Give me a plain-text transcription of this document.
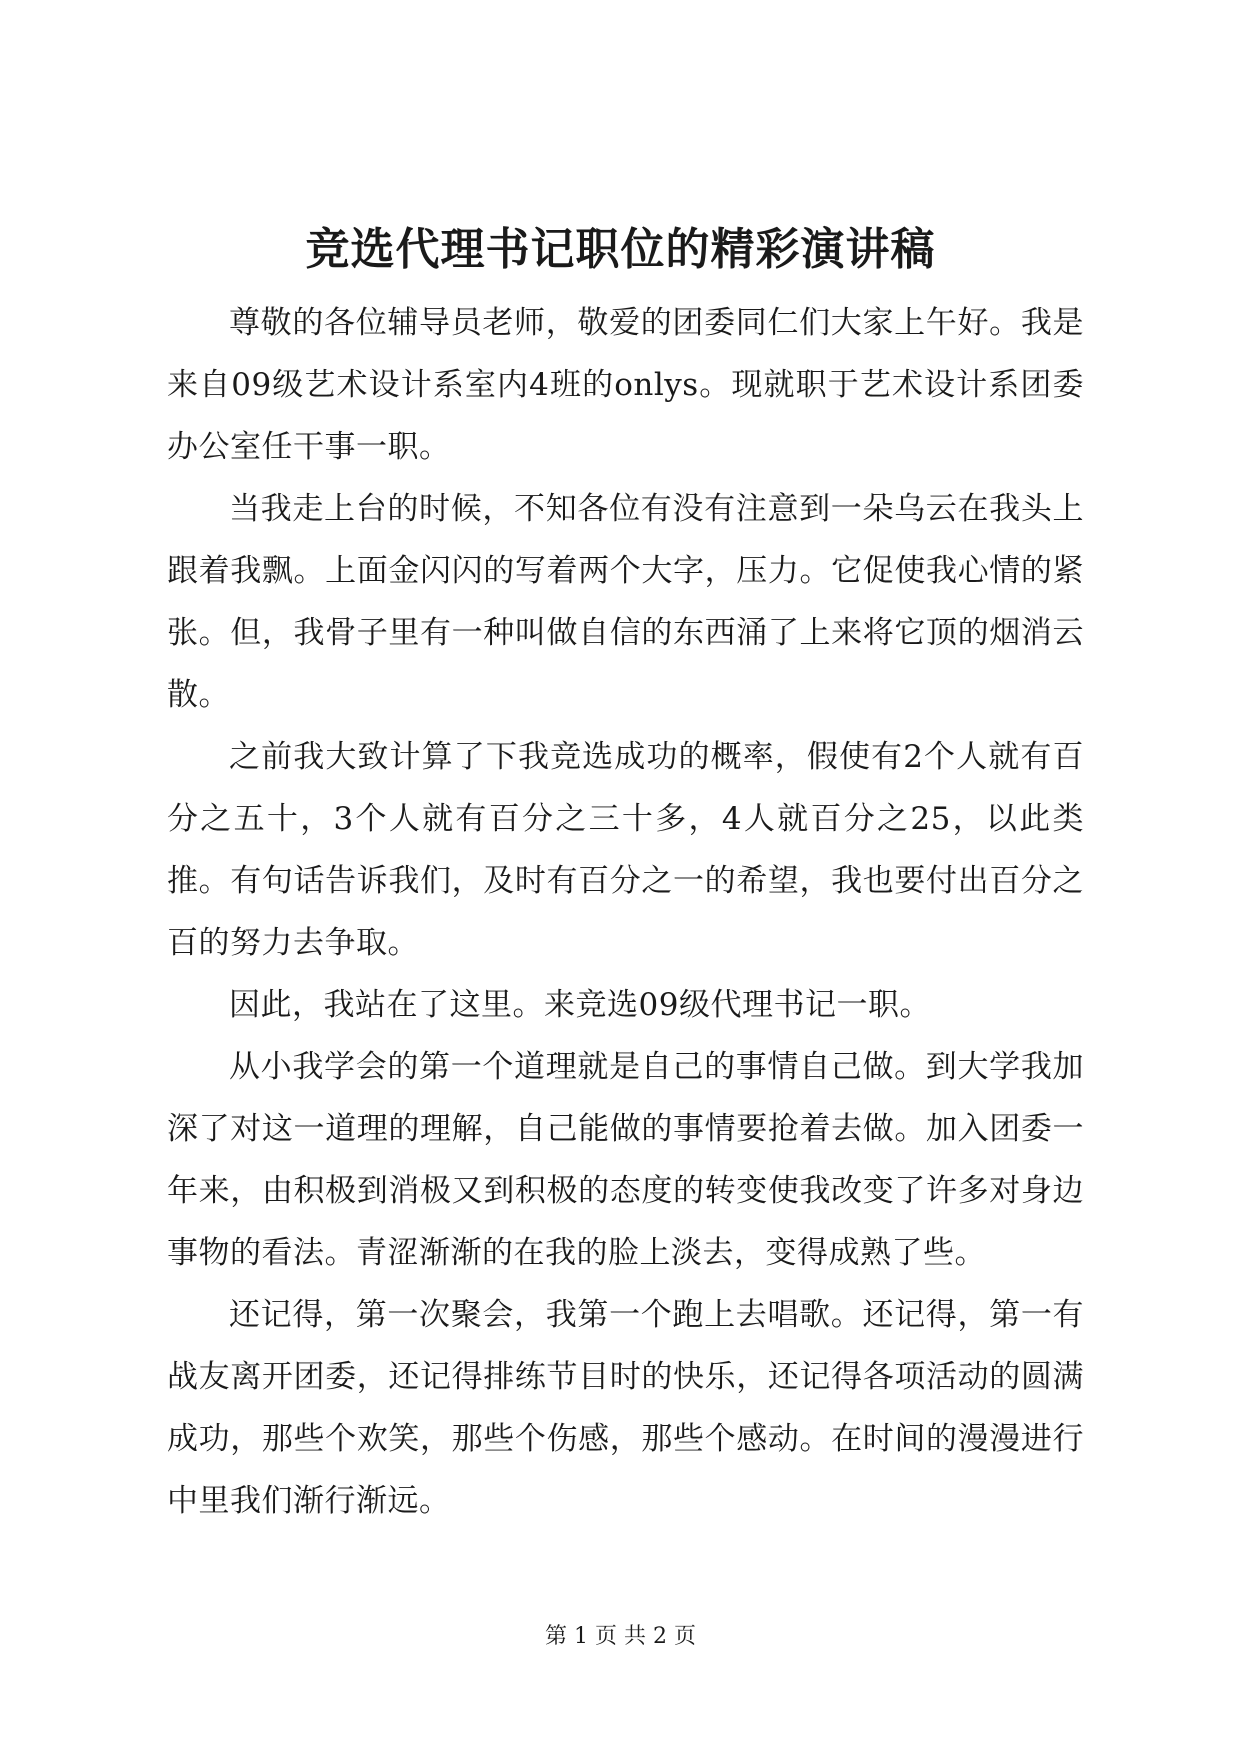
竞选代理书记职位的精彩演讲稿

尊敬的各位辅导员老师，敬爱的团委同仁们大家上午好。我是来自09级艺术设计系室内4班的onlys。现就职于艺术设计系团委办公室任干事一职。

当我走上台的时候，不知各位有没有注意到一朵乌云在我头上跟着我飘。上面金闪闪的写着两个大字，压力。它促使我心情的紧张。但，我骨子里有一种叫做自信的东西涌了上来将它顶的烟消云散。

之前我大致计算了下我竞选成功的概率，假使有2个人就有百分之五十，3个人就有百分之三十多，4人就百分之25，以此类推。有句话告诉我们，及时有百分之一的希望，我也要付出百分之百的努力去争取。

因此，我站在了这里。来竞选09级代理书记一职。

从小我学会的第一个道理就是自己的事情自己做。到大学我加深了对这一道理的理解，自己能做的事情要抢着去做。加入团委一年来，由积极到消极又到积极的态度的转变使我改变了许多对身边事物的看法。青涩渐渐的在我的脸上淡去，变得成熟了些。

还记得，第一次聚会，我第一个跑上去唱歌。还记得，第一有战友离开团委，还记得排练节目时的快乐，还记得各项活动的圆满成功，那些个欢笑，那些个伤感，那些个感动。在时间的漫漫进行中里我们渐行渐远。

第 1 页 共 2 页
